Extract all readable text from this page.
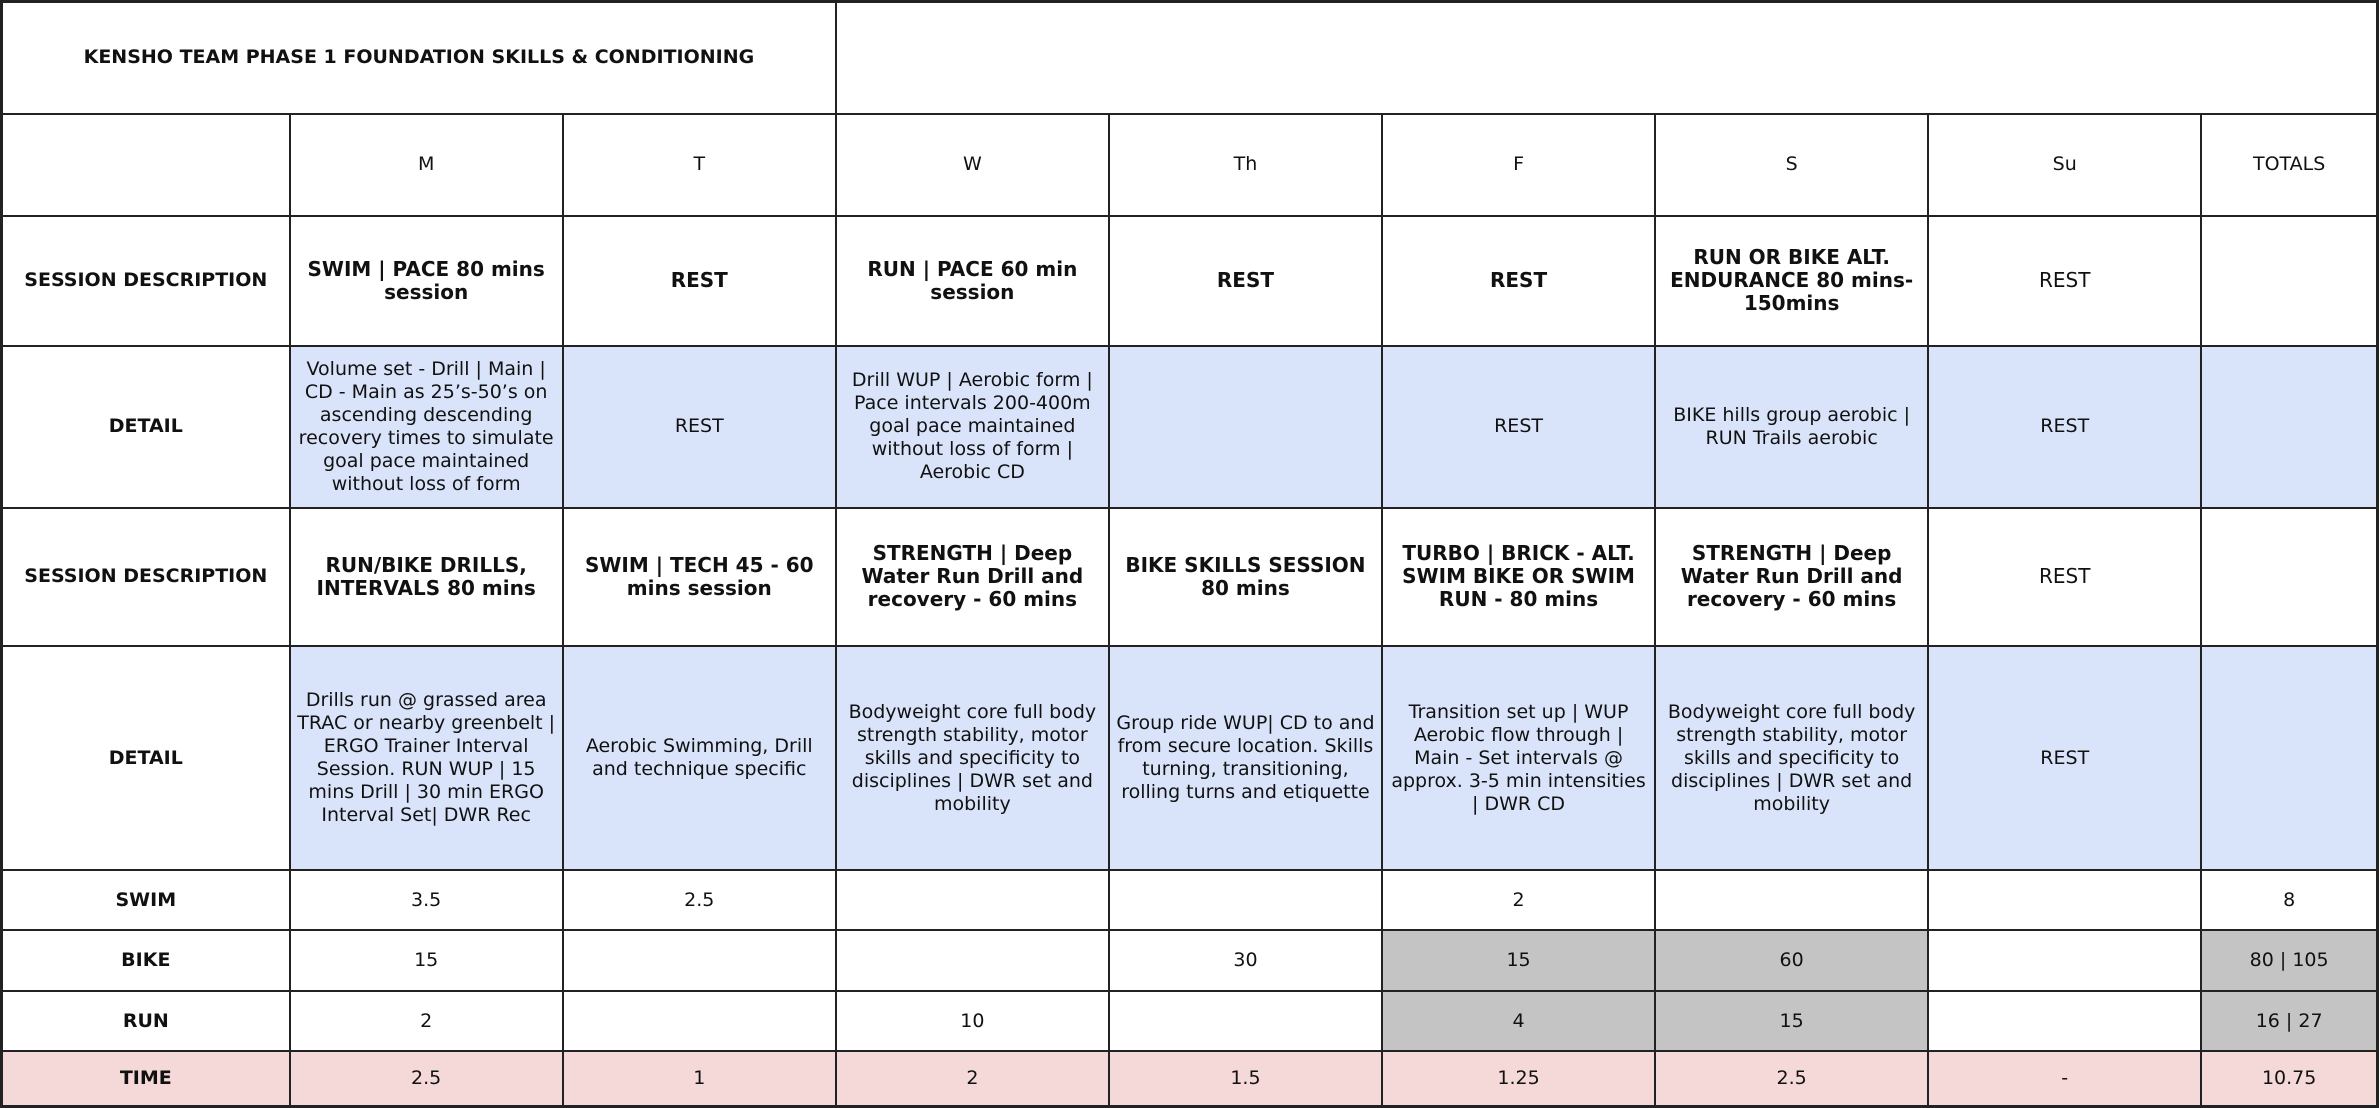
KENSHO TEAM PHASE 1 FOUNDATION SKILLS & CONDITIONING								
	M	T	W	Th	F	S	Su	TOTALS
SESSION DESCRIPTION	SWIM | PACE 80 mins session	REST	RUN | PACE 60 min session	REST	REST	RUN OR BIKE ALT. ENDURANCE 80 mins-150mins	REST	
DETAIL	Volume set - Drill | Main | CD - Main as 25’s-50’s on ascending descending recovery times to simulate goal pace maintained without loss of form	REST	Drill WUP | Aerobic form | Pace intervals 200-400m goal pace maintained without loss of form | Aerobic CD		REST	BIKE hills group aerobic | RUN Trails aerobic	REST	
SESSION DESCRIPTION	RUN/BIKE DRILLS, INTERVALS 80 mins	SWIM | TECH 45 - 60 mins session	STRENGTH | Deep Water Run Drill and recovery - 60 mins	BIKE SKILLS SESSION 80 mins	TURBO | BRICK - ALT. SWIM BIKE OR SWIM RUN - 80 mins	STRENGTH | Deep Water Run Drill and recovery - 60 mins	REST	
DETAIL	Drills run @ grassed area TRAC or nearby greenbelt | ERGO Trainer Interval Session. RUN WUP | 15 mins Drill | 30 min ERGO Interval Set| DWR Rec	Aerobic Swimming, Drill and technique specific	Bodyweight core full body strength stability, motor skills and specificity to disciplines | DWR set and mobility	Group ride WUP| CD to and from secure location. Skills turning, transitioning, rolling turns and etiquette	Transition set up | WUP Aerobic flow through | Main - Set intervals @ approx. 3-5 min intensities | DWR CD	Bodyweight core full body strength stability, motor skills and specificity to disciplines | DWR set and mobility	REST	
SWIM	3.5	2.5			2			8
BIKE	15			30	15	60		80 | 105
RUN	2		10		4	15		16 | 27
TIME	2.5	1	2	1.5	1.25	2.5	-	10.75
